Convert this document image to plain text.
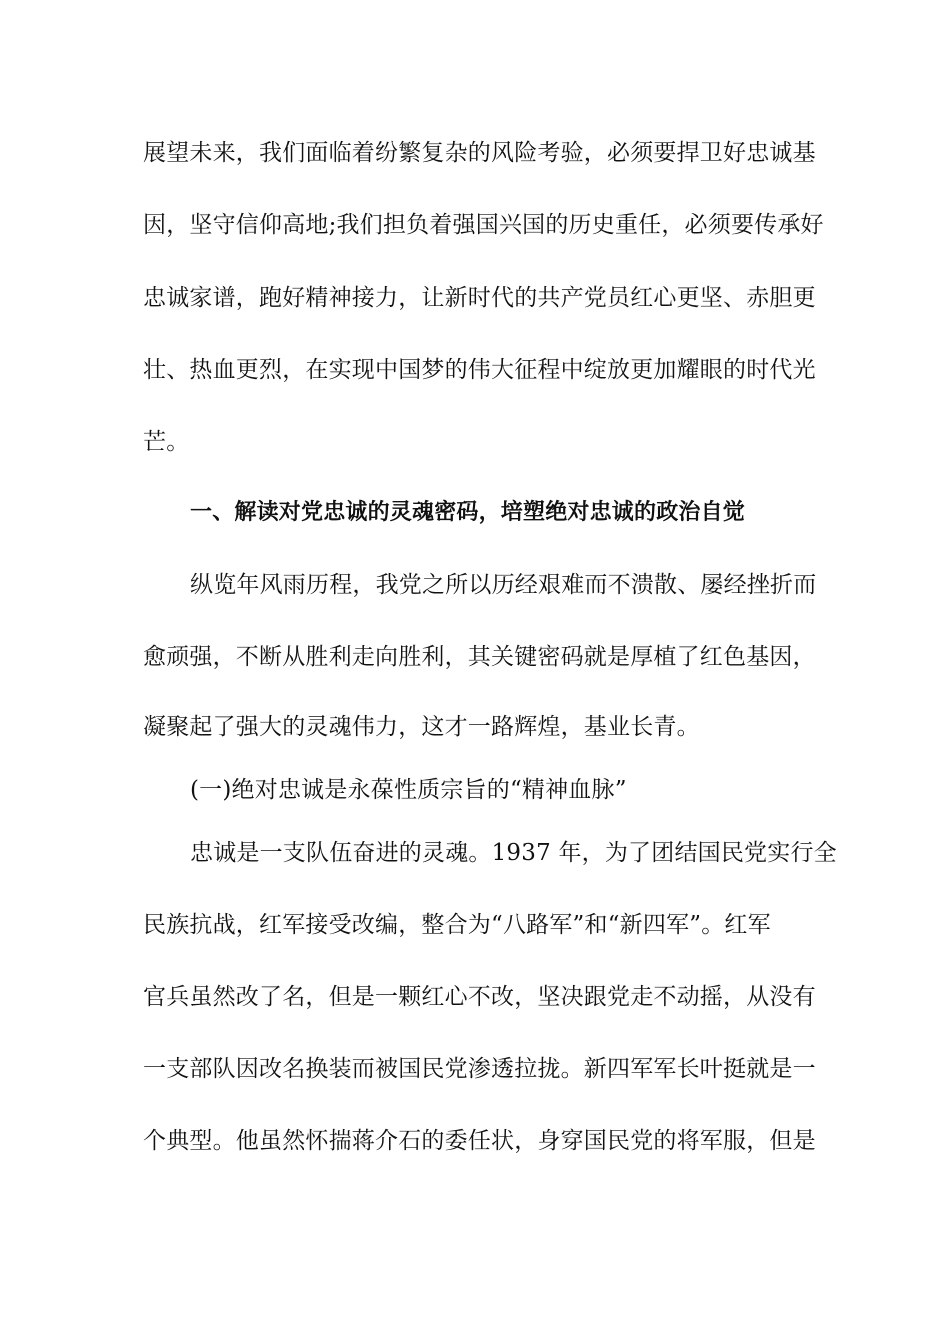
展望未来，我们面临着纷繁复杂的风险考验，必须要捍卫好忠诚基
因，坚守信仰高地;我们担负着强国兴国的历史重任，必须要传承好
忠诚家谱，跑好精神接力，让新时代的共产党员红心更坚、赤胆更
壮、热血更烈，在实现中国梦的伟大征程中绽放更加耀眼的时代光
芒。
一、解读对党忠诚的灵魂密码，培塑绝对忠诚的政治自觉
纵览年风雨历程，我党之所以历经艰难而不溃散、屡经挫折而
愈顽强，不断从胜利走向胜利，其关键密码就是厚植了红色基因，
凝聚起了强大的灵魂伟力，这才一路辉煌，基业长青。
(一)绝对忠诚是永葆性质宗旨的“精神血脉”
忠诚是一支队伍奋进的灵魂。1937 年，为了团结国民党实行全
民族抗战，红军接受改编，整合为“八路军”和“新四军”。红军
官兵虽然改了名，但是一颗红心不改，坚决跟党走不动摇，从没有
一支部队因改名换装而被国民党渗透拉拢。新四军军长叶挺就是一
个典型。他虽然怀揣蒋介石的委任状，身穿国民党的将军服，但是
